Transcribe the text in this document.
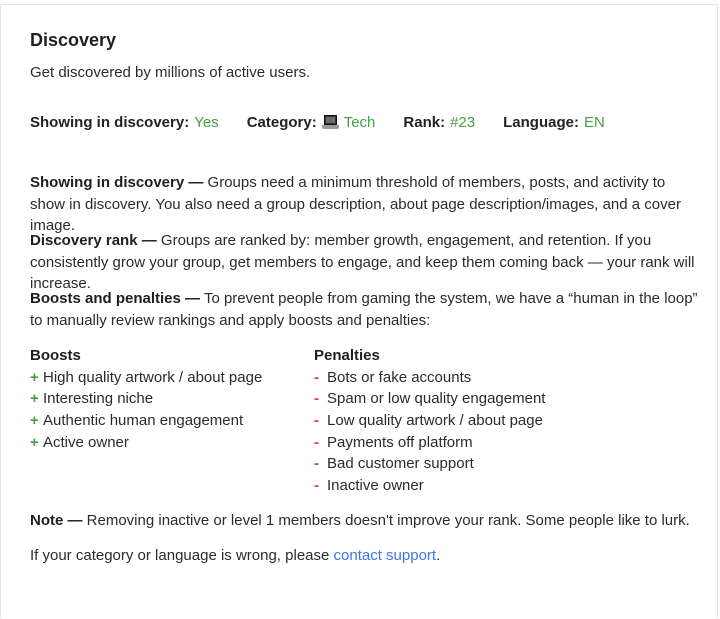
Discovery
Get discovered by millions of active users.
Showing in discovery: Yes Category: Tech Rank: #23 Language: EN
Showing in discovery — Groups need a minimum threshold of members, posts, and activity to show in discovery. You also need a group description, about page description/images, and a cover image.
Discovery rank — Groups are ranked by: member growth, engagement, and retention. If you consistently grow your group, get members to engage, and keep them coming back — your rank will increase.
Boosts and penalties — To prevent people from gaming the system, we have a “human in the loop” to manually review rankings and apply boosts and penalties:
Boosts
+ High quality artwork / about page
+ Interesting niche
+ Authentic human engagement
+ Active owner
Penalties
- Bots or fake accounts
- Spam or low quality engagement
- Low quality artwork / about page
- Payments off platform
- Bad customer support
- Inactive owner
Note — Removing inactive or level 1 members doesn't improve your rank. Some people like to lurk.
If your category or language is wrong, please contact support.
